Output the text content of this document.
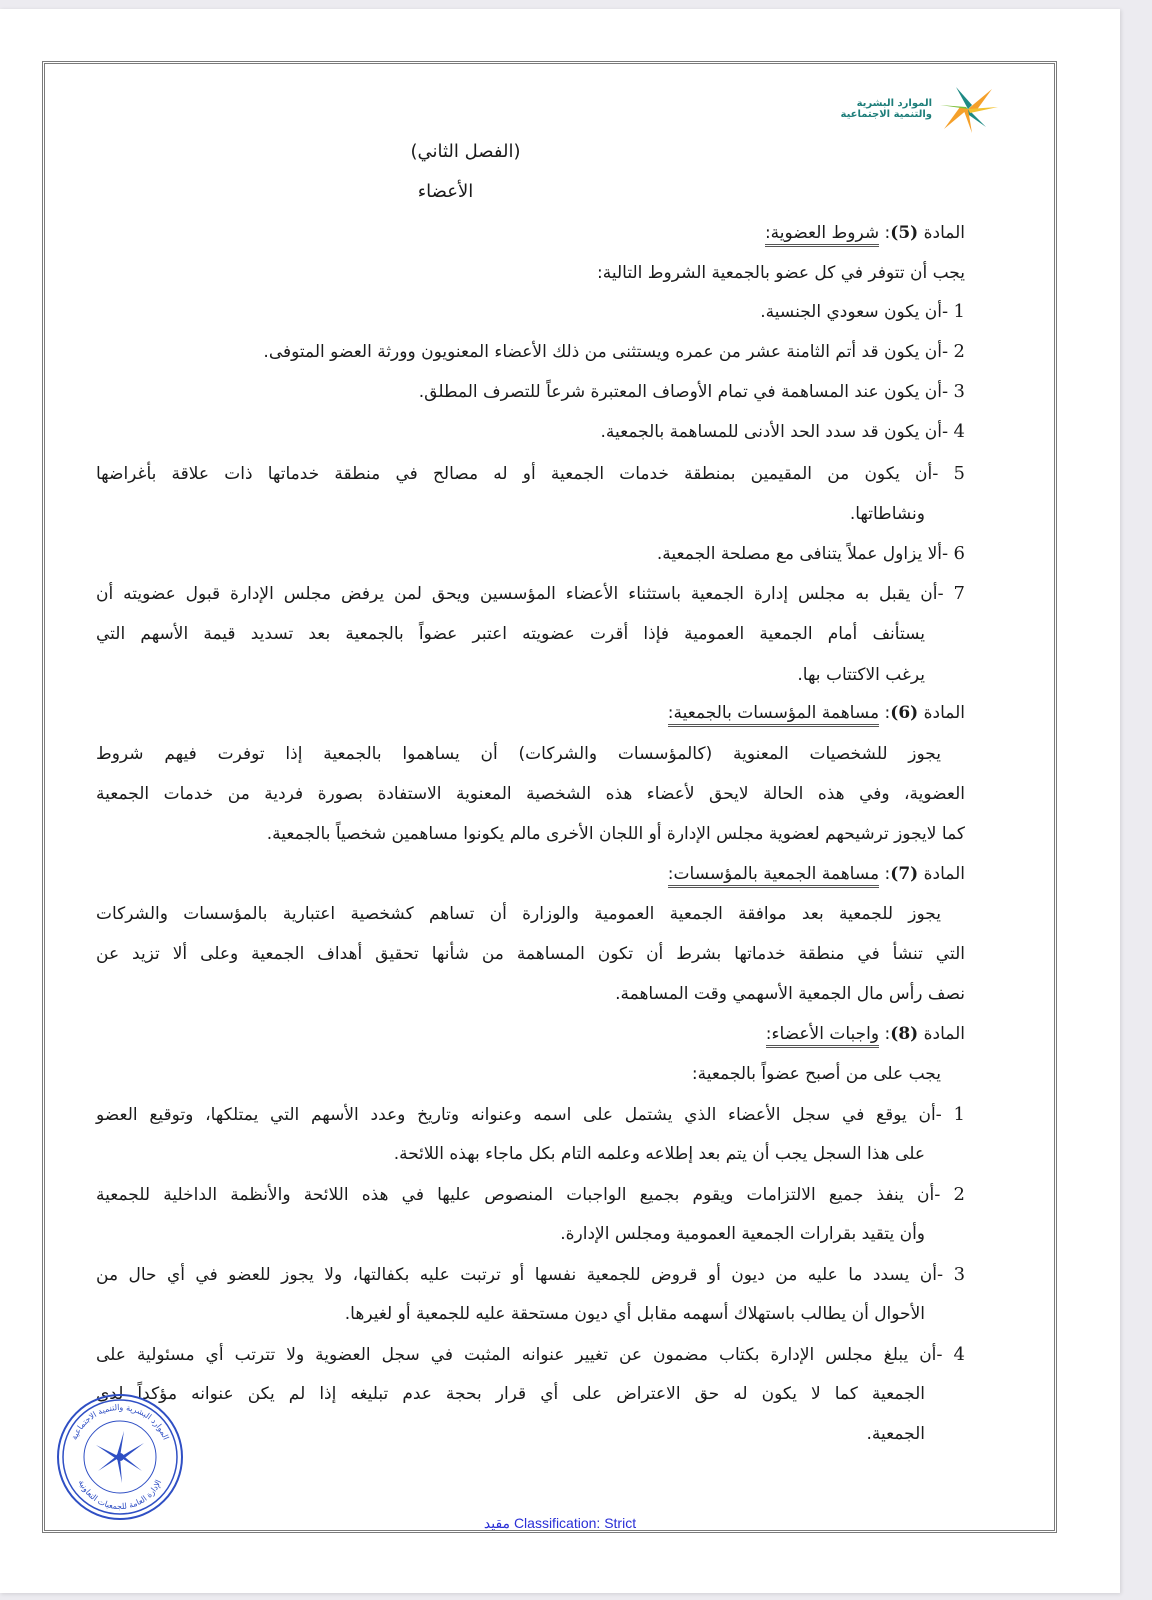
الموارد البشرية
والتنمية الاجتماعية
(الفصل الثاني)
الأعضاء
المادة (5): شروط العضوية:
يجب أن تتوفر في كل عضو بالجمعية الشروط التالية:
1 -أن يكون سعودي الجنسية.
2 -أن يكون قد أتم الثامنة عشر من عمره ويستثنى من ذلك الأعضاء المعنويون وورثة العضو المتوفى.
3 -أن يكون عند المساهمة في تمام الأوصاف المعتبرة شرعاً للتصرف المطلق.
4 -أن يكون قد سدد الحد الأدنى للمساهمة بالجمعية.
5 -أن يكون من المقيمين بمنطقة خدمات الجمعية أو له مصالح في منطقة خدماتها ذات علاقة بأغراضها
ونشاطاتها.
6 -ألا يزاول عملاً يتنافى مع مصلحة الجمعية.
7 -أن يقبل به مجلس إدارة الجمعية باستثناء الأعضاء المؤسسين ويحق لمن يرفض مجلس الإدارة قبول عضويته أن
يستأنف أمام الجمعية العمومية فإذا أقرت عضويته اعتبر عضواً بالجمعية بعد تسديد قيمة الأسهم التي
يرغب الاكتتاب بها.
المادة (6): مساهمة المؤسسات بالجمعية:
يجوز للشخصيات المعنوية (كالمؤسسات والشركات) أن يساهموا بالجمعية إذا توفرت فيهم شروط
العضوية، وفي هذه الحالة لايحق لأعضاء هذه الشخصية المعنوية الاستفادة بصورة فردية من خدمات الجمعية
كما لايجوز ترشيحهم لعضوية مجلس الإدارة أو اللجان الأخرى مالم يكونوا مساهمين شخصياً بالجمعية.
المادة (7): مساهمة الجمعية بالمؤسسات:
يجوز للجمعية بعد موافقة الجمعية العمومية والوزارة أن تساهم كشخصية اعتبارية بالمؤسسات والشركات
التي تنشأ في منطقة خدماتها بشرط أن تكون المساهمة من شأنها تحقيق أهداف الجمعية وعلى ألا تزيد عن
نصف رأس مال الجمعية الأسهمي وقت المساهمة.
المادة (8): واجبات الأعضاء:
يجب على من أصبح عضواً بالجمعية:
1 -أن يوقع في سجل الأعضاء الذي يشتمل على اسمه وعنوانه وتاريخ وعدد الأسهم التي يمتلكها، وتوقيع العضو
على هذا السجل يجب أن يتم بعد إطلاعه وعلمه التام بكل ماجاء بهذه اللائحة.
2 -أن ينفذ جميع الالتزامات ويقوم بجميع الواجبات المنصوص عليها في هذه اللائحة والأنظمة الداخلية للجمعية
وأن يتقيد بقرارات الجمعية العمومية ومجلس الإدارة.
3 -أن يسدد ما عليه من ديون أو قروض للجمعية نفسها أو ترتبت عليه بكفالتها، ولا يجوز للعضو في أي حال من
الأحوال أن يطالب باستهلاك أسهمه مقابل أي ديون مستحقة عليه للجمعية أو لغيرها.
4 -أن يبلغ مجلس الإدارة بكتاب مضمون عن تغيير عنوانه المثبت في سجل العضوية ولا تترتب أي مسئولية على
الجمعية كما لا يكون له حق الاعتراض على أي قرار بحجة عدم تبليغه إذا لم يكن عنوانه مؤكداً لدى
الجمعية.
الموارد البشرية والتنمية الاجتماعية
الإدارة العامة للجمعيات التعاونية
مقيد Classification: Strict
